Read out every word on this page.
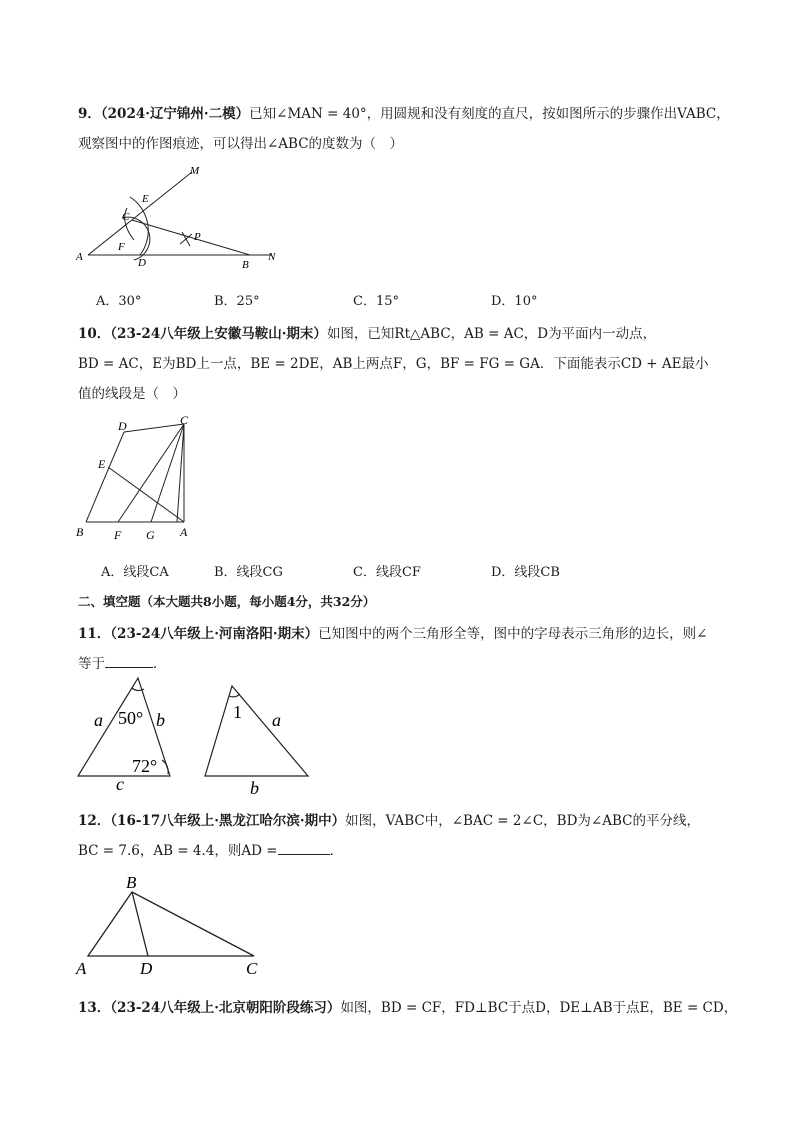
9．（2024·辽宁锦州·二模）已知∠MAN = 40°，用圆规和没有刻度的直尺，按如图所示的步骤作出VABC，
观察图中的作图痕迹，可以得出∠ABC的度数为（　）
M
E
C
P
F
A	D	B
N
A．30°	B．25°	C．15°	D．10°
10．（23-24八年级上安徽马鞍山·期末）如图，已知Rt△ABC，AB = AC，D为平面内一动点，
BD = AC，E为BD上一点，BE = 2DE，AB上两点F，G，BF = FG = GA．下面能表示CD + AE最小
值的线段是（　）
D	C
E
B	F G A
A．线段CA	B．线段CG	C．线段CF	D．线段CB
二、填空题（本大题共8小题，每小题4分，共32分）
11．（23-24八年级上·河南洛阳·期末）已知图中的两个三角形全等，图中的字母表示三角形的边长，则∠
等于	．
a 50° b
72°
c
1 a
b
12．（16-17八年级上·黑龙江哈尔滨·期中）如图，VABC中，∠BAC = 2∠C，BD为∠ABC的平分线，
BC = 7.6，AB = 4.4，则AD =	．
B
A	D	C
13．（23-24八年级上·北京朝阳阶段练习）如图，BD = CF，FD⊥BC于点D，DE⊥AB于点E，BE = CD，
